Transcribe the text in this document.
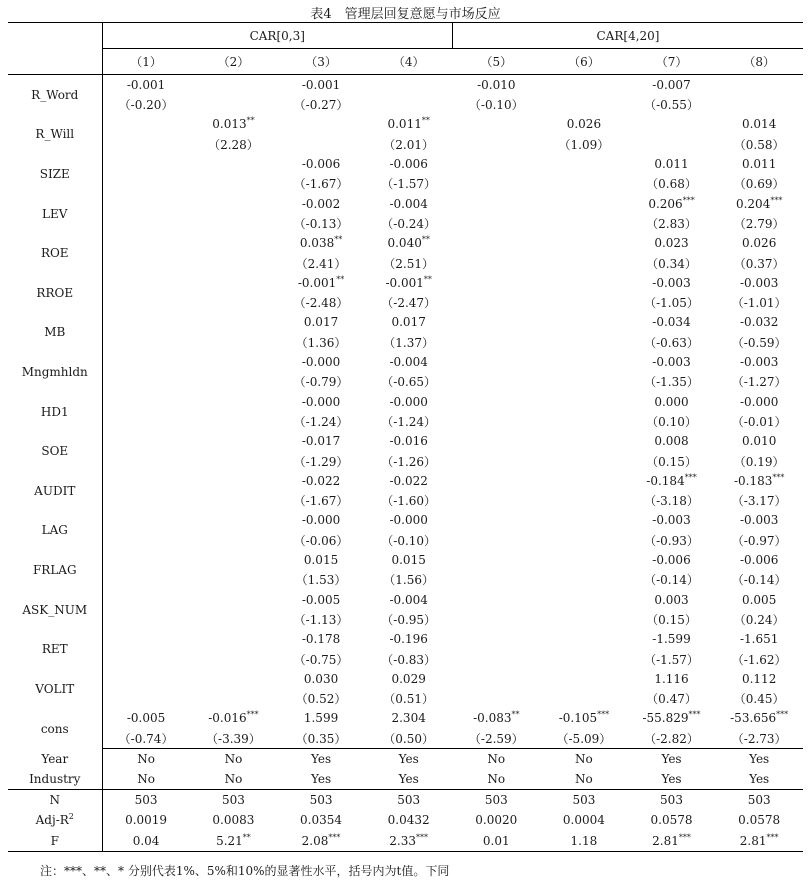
表4　管理层回复意愿与市场反应
	CAR[0,3]				CAR[4,20]			
	（1）	（2）	（3）	（4）	（5）	（6）	（7）	（8）
R_Word	-0.001		-0.001		-0.010		-0.007	
	（-0.20）		（-0.27）		（-0.10）		（-0.55）	
R_Will		0.013**		0.011**		0.026		0.014
		（2.28）		（2.01）		（1.09）		（0.58）
SIZE			-0.006	-0.006			0.011	0.011
			（-1.67）	（-1.57）			（0.68）	（0.69）
LEV			-0.002	-0.004			0.206***	0.204***
			（-0.13）	（-0.24）			（2.83）	（2.79）
ROE			0.038**	0.040**			0.023	0.026
			（2.41）	（2.51）			（0.34）	（0.37）
RROE			-0.001**	-0.001**			-0.003	-0.003
			（-2.48）	（-2.47）			（-1.05）	（-1.01）
MB			0.017	0.017			-0.034	-0.032
			（1.36）	（1.37）			（-0.63）	（-0.59）
Mngmhldn			-0.000	-0.004			-0.003	-0.003
			（-0.79）	（-0.65）			（-1.35）	（-1.27）
HD1			-0.000	-0.000			0.000	-0.000
			（-1.24）	（-1.24）			（0.10）	（-0.01）
SOE			-0.017	-0.016			0.008	0.010
			（-1.29）	（-1.26）			（0.15）	（0.19）
AUDIT			-0.022	-0.022			-0.184***	-0.183***
			（-1.67）	（-1.60）			（-3.18）	（-3.17）
LAG			-0.000	-0.000			-0.003	-0.003
			（-0.06）	（-0.10）			（-0.93）	（-0.97）
FRLAG			0.015	0.015			-0.006	-0.006
			（1.53）	（1.56）			（-0.14）	（-0.14）
ASK_NUM			-0.005	-0.004			0.003	0.005
			（-1.13）	（-0.95）			（0.15）	（0.24）
RET			-0.178	-0.196			-1.599	-1.651
			（-0.75）	（-0.83）			（-1.57）	（-1.62）
VOLIT			0.030	0.029			1.116	0.112
			（0.52）	（0.51）			（0.47）	（0.45）
cons	-0.005	-0.016***	1.599	2.304	-0.083**	-0.105***	-55.829***	-53.656***
	（-0.74）	（-3.39）	（0.35）	（0.50）	（-2.59）	（-5.09）	（-2.82）	（-2.73）
Year	No	No	Yes	Yes	No	No	Yes	Yes
Industry	No	No	Yes	Yes	No	No	Yes	Yes
N	503	503	503	503	503	503	503	503
Adj-$R^2$	0.0019	0.0083	0.0354	0.0432	0.0020	0.0004	0.0578	0.0578
F	0.04	5.21**	2.08***	2.33***	0.01	1.18	2.81***	2.81***
注：***、**、* 分别代表1%、5%和10%的显著性水平，括号内为t值。下同
